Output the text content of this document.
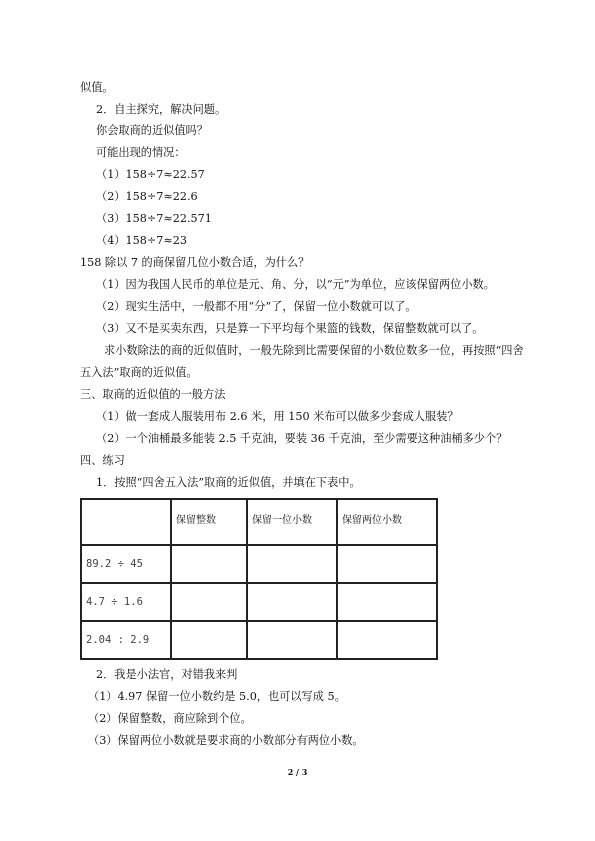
似值。
2．自主探究，解决问题。
你会取商的近似值吗？
可能出现的情况：
（1）158÷7≈22.57
（2）158÷7≈22.6
（3）158÷7≈22.571
（4）158÷7≈23
158 除以 7 的商保留几位小数合适，为什么？
（1）因为我国人民币的单位是元、角、分，以“元”为单位，应该保留两位小数。
（2）现实生活中，一般都不用“分”了，保留一位小数就可以了。
（3）又不是买卖东西，只是算一下平均每个果篮的钱数，保留整数就可以了。
求小数除法的商的近似值时，一般先除到比需要保留的小数位数多一位，再按照“四舍
五入法”取商的近似值。
三、取商的近似值的一般方法
（1）做一套成人服装用布 2.6 米，用 150 米布可以做多少套成人服装？
（2）一个油桶最多能装 2.5 千克油，要装 36 千克油，至少需要这种油桶多少个？
四、练习
1．按照“四舍五入法”取商的近似值，并填在下表中。
	保留整数	保留一位小数	保留两位小数
89.2 ÷ 45			
4.7 ÷ 1.6			
2.04 : 2.9			
2．我是小法官，对错我来判
（1）4.97 保留一位小数约是 5.0，也可以写成 5。
（2）保留整数，商应除到个位。
（3）保留两位小数就是要求商的小数部分有两位小数。
2 / 3
